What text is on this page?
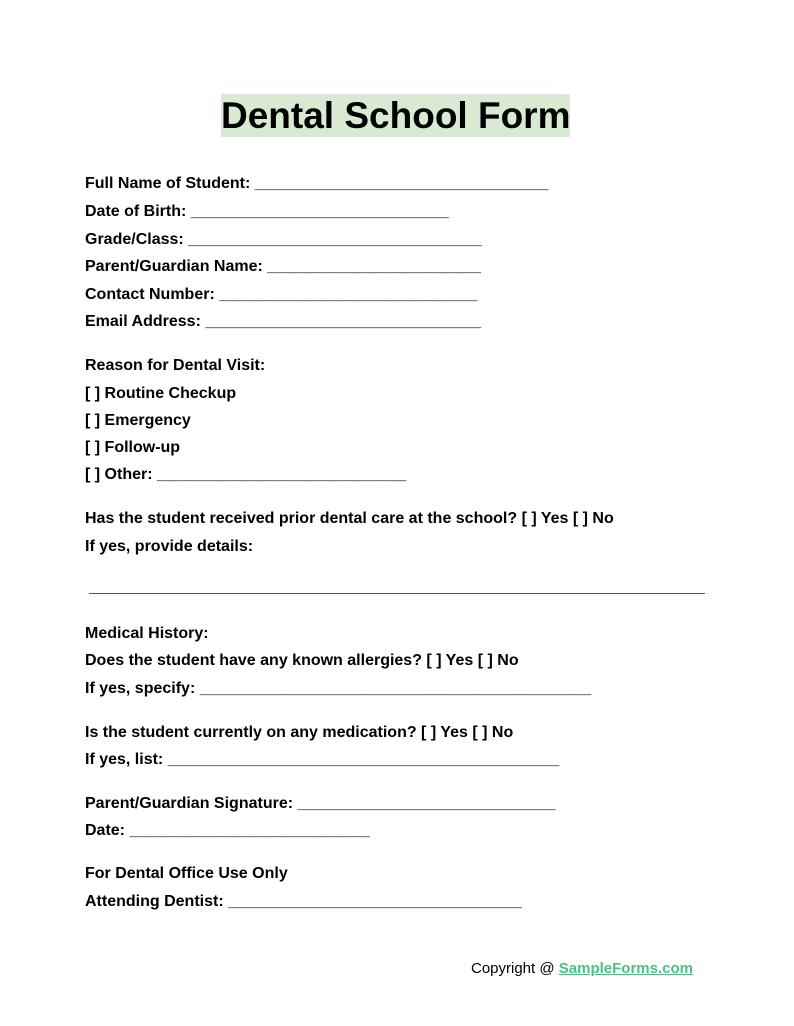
Dental School Form
Full Name of Student: _________________________________
Date of Birth: _____________________________
Grade/Class: _________________________________
Parent/Guardian Name: ________________________
Contact Number: _____________________________
Email Address: _______________________________
Reason for Dental Visit:
[ ] Routine Checkup
[ ] Emergency
[ ] Follow-up
[ ] Other: ____________________________
Has the student received prior dental care at the school? [ ] Yes [ ] No
If yes, provide details:
Medical History:
Does the student have any known allergies? [ ] Yes [ ] No
If yes, specify: ____________________________________________
Is the student currently on any medication? [ ] Yes [ ] No
If yes, list: ____________________________________________
Parent/Guardian Signature: _____________________________
Date: ___________________________
For Dental Office Use Only
Attending Dentist: _________________________________
Copyright @ SampleForms.com
